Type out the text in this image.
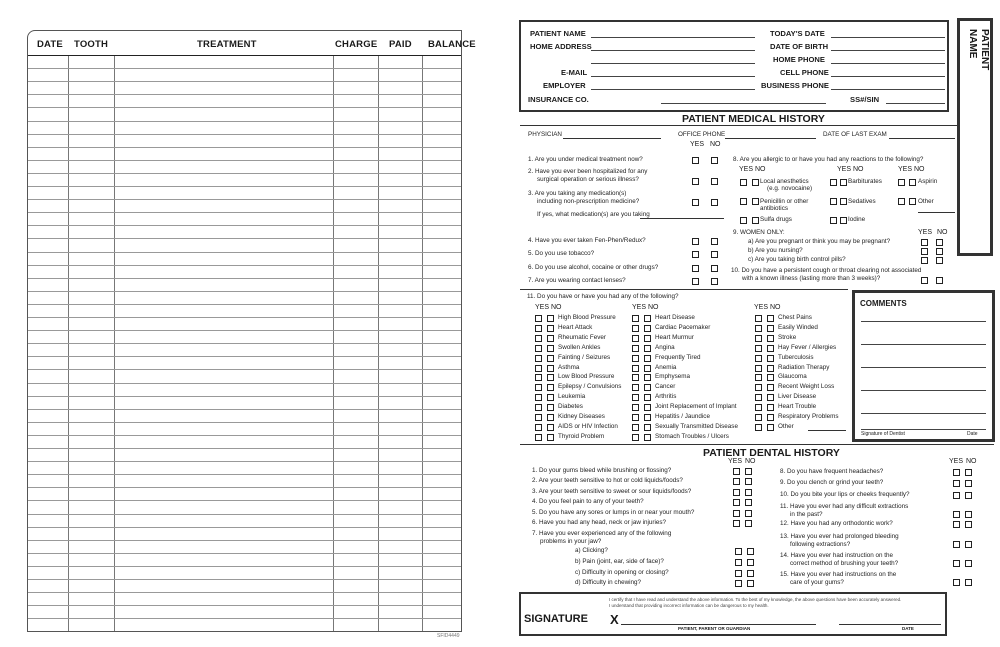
DATE TOOTH	TREATMENT	CHARGE PAID BALANCE
SFID4449
PATIENT NAME
HOME ADDRESS
E-MAIL
EMPLOYER
INSURANCE CO.
TODAY'S DATE
DATE OF BIRTH
HOME PHONE
CELL PHONE
BUSINESS PHONE
SS#/SIN
PATIENT
NAME
PATIENT MEDICAL HISTORY
PHYSICIAN	OFFICE PHONE	DATE OF LAST EXAM
YES NO
1. Are you under medical treatment now?
2. Have you ever been hospitalized for any
surgical operation or serious illness?
3. Are you taking any medication(s)
including non-prescription medicine?
4. Have you ever taken Fen-Phen/Redux?
5. Do you use tobacco?
6. Do you use alcohol, cocaine or other drugs?
7. Are you wearing contact lenses?
If yes, what medication(s) are you taking
8. Are you allergic to or have you had any reactions to the following?
YES NO	YES NO	YES NO
Local anesthetics
(e.g. novocaine)
Barbiturates	Aspirin
Penicillin or other
antibiotics
Sedatives	Other
Sulfa drugs	Iodine
9. WOMEN ONLY:	YES NO
a) Are you pregnant or think you may be pregnant?
b) Are you nursing?
c) Are you taking birth control pills?
10. Do you have a persistent cough or throat clearing not associated
with a known illness (lasting more than 3 weeks)?
11. Do you have or have you had any of the following?
YES NO	YES NO	YES NO
High Blood Pressure
Heart Attack
Rheumatic Fever
Swollen Ankles
Fainting / Seizures
Asthma
Low Blood Pressure
Epilepsy / Convulsions
Leukemia
Diabetes
Kidney Diseases
AIDS or HIV Infection
Thyroid Problem
Heart Disease
Cardiac Pacemaker
Heart Murmur
Angina
Frequently Tired
Anemia
Emphysema
Cancer
Arthritis
Joint Replacement of Implant
Hepatitis / Jaundice
Sexually Transmitted Disease
Stomach Troubles / Ulcers
Chest Pains
Easily Winded
Stroke
Hay Fever / Allergies
Tuberculosis
Radiation Therapy
Glaucoma
Recent Weight Loss
Liver Disease
Heart Trouble
Respiratory Problems
Other
COMMENTS
Signature of Dentist	Date
PATIENT DENTAL HISTORY
YES NO	YES NO
1. Do your gums bleed while brushing or flossing?
2. Are your teeth sensitive to hot or cold liquids/foods?
3. Are your teeth sensitive to sweet or sour liquids/foods?
4. Do you feel pain to any of your teeth?
5. Do you have any sores or lumps in or near your mouth?
6. Have you had any head, neck or jaw injuries?
7. Have you ever experienced any of the following
problems in your jaw?
a) Clicking?
b) Pain (joint, ear, side of face)?
c) Difficulty in opening or closing?
d) Difficulty in chewing?
8. Do you have frequent headaches?
9. Do you clench or grind your teeth?
10. Do you bite your lips or cheeks frequently?
11. Have you ever had any difficult extractions
in the past?
12. Have you had any orthodontic work?
13. Have you ever had prolonged bleeding
following extractions?
14. Have you ever had instruction on the
correct method of brushing your teeth?
15. Have you ever had instructions on the
care of your gums?
SIGNATURE X
I certify that I have read and understand the above information. To the best of my knowledge, the above questions have been accurately answered.
I understand that providing incorrect information can be dangerous to my health.
PATIENT, PARENT OR GUARDIAN	DATE
